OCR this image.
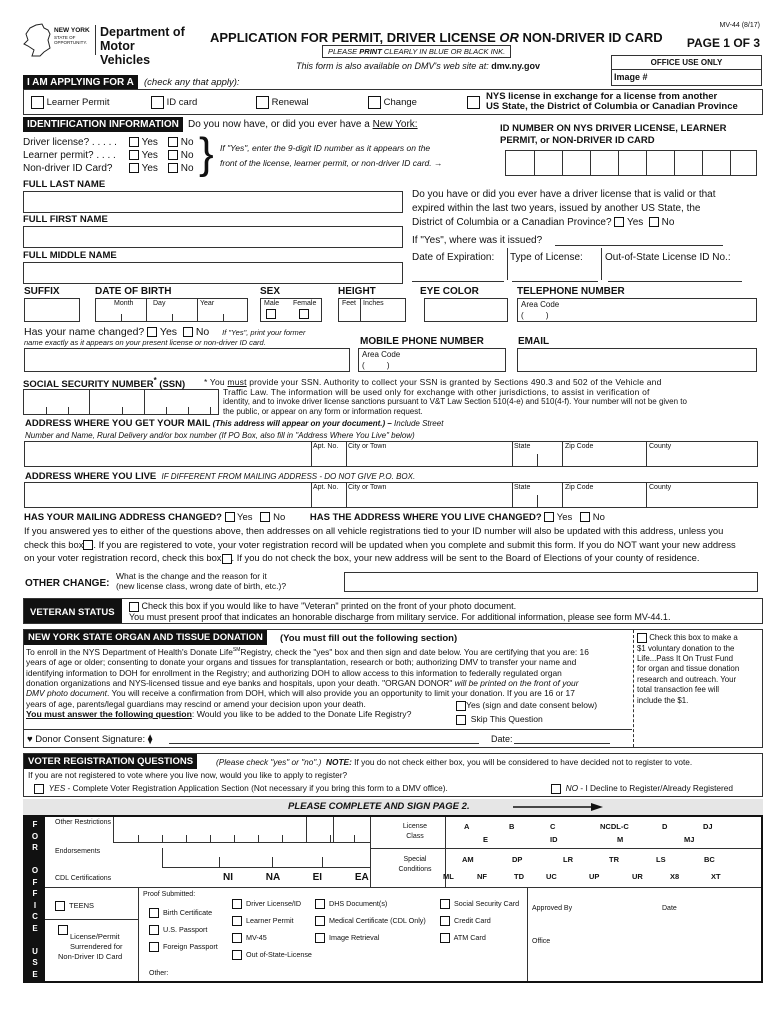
NEW YORK
STATE OF
OPPORTUNITY.
Department of
Motor Vehicles
MV-44 (8/17)
APPLICATION FOR PERMIT, DRIVER LICENSE OR NON-DRIVER ID CARD PAGE 1 OF 3
PLEASE PRINT CLEARLY IN BLUE OR BLACK INK.
This form is also available on DMV's web site at: dmv.ny.gov	OFFICE USE ONLY
Image #
I AM APPLYING FOR A	(check any that apply):
Learner Permit	ID card	Renewal	Change
NYS license in exchange for a license from another
US State, the District of Columbia or Canadian Province
IDENTIFICATION INFORMATION Do you now have, or did you ever have a New York:
Driver license? . . . . .	Yes	No
Learner permit? . . . .	Yes	No
Non-driver ID Card?	Yes	No } If "Yes", enter the 9-digit ID number as it appears on the
front of the license, learner permit, or non-driver ID card. →
ID NUMBER ON NYS DRIVER LICENSE, LEARNER
PERMIT, or NON-DRIVER ID CARD
FULL LAST NAME
FULL FIRST NAME
FULL MIDDLE NAME
Do you have or did you ever have a driver license that is valid or that
expired within the last two years, issued by another US State, the
District of Columbia or a Canadian Province? Yes No
If "Yes", where was it issued?
Date of Expiration: Type of License: Out-of-State License ID No.:
SUFFIX	DATE OF BIRTH
Month	Day	Year
SEX
Male Female
HEIGHT
Feet Inches
EYE COLOR	TELEPHONE NUMBER
Area Code
(          )
Has your name changed? Yes No If "Yes", print your former
name exactly as it appears on your present license or non-driver ID card.	MOBILE PHONE NUMBER
Area Code
(          )
EMAIL
SOCIAL SECURITY NUMBER* (SSN)	* You must provide your SSN. Authority to collect your SSN is granted by Sections 490.3 and 502 of the Vehicle and
Traffic Law. The information will be used only for exchange with other jurisdictions, to assist in verification of
identity, and to invoke driver license sanctions pursuant to V&T Law Section 510(4-e) and 510(4-f). Your number will not be given to
the public, or appear on any form or information request.
ADDRESS WHERE YOU GET YOUR MAIL (This address will appear on your document.) – Include Street
Number and Name, Rural Delivery and/or box number (If PO Box, also fill in "Address Where You Live" below)
Apt. No. City or Town	State	Zip Code	County
ADDRESS WHERE YOU LIVE IF DIFFERENT FROM MAILING ADDRESS - DO NOT GIVE P.O. BOX.
Apt. No. City or Town	State	Zip Code	County
HAS YOUR MAILING ADDRESS CHANGED? Yes No	HAS THE ADDRESS WHERE YOU LIVE CHANGED? Yes No
If you answered yes to either of the questions above, then addresses on all vehicle registrations tied to your ID number will also be updated with this address, unless you
check this box . If you are registered to vote, your voter registration record will be updated when you complete and submit this form. If you do NOT want your new address
on your voter registration record, check this box . If you do not check the box, your new address will be sent to the Board of Elections of your county of residence.
OTHER CHANGE:
What is the change and the reason for it
(new license class, wrong date of birth, etc.)?
VETERAN STATUS
Check this box if you would like to have "Veteran" printed on the front of your photo document.
You must present proof that indicates an honorable discharge from military service. For additional information, please see form MV-44.1.
NEW YORK STATE ORGAN AND TISSUE DONATION	(You must fill out the following section)
To enroll in the NYS Department of Health's Donate Life℠Registry, check the "yes" box and then sign and date below. You are certifying that you are: 16
years of age or older; consenting to donate your organs and tissues for transplantation, research or both; authorizing DMV to transfer your name and
identifying information to DOH for enrollment in the Registry; and authorizing DOH to allow access to this information to federally regulated organ
donation organizations and NYS-licensed tissue and eye banks and hospitals, upon your death. "ORGAN DONOR" will be printed on the front of your
DMV photo document. You will receive a confirmation from DOH, which will also provide you an opportunity to limit your donation. If you are 16 or 17
years of age, parents/legal guardians may rescind or amend your decision upon your death.
You must answer the following question: Would you like to be added to the Donate Life Registry?
Yes (sign and date consent below)
Skip This Question
♥ Donor Consent Signature: ⧫	Date:
Check this box to make a
$1 voluntary donation to the
Life...Pass It On Trust Fund
for organ and tissue donation
research and outreach. Your
total transaction fee will
include the $1.
VOTER REGISTRATION QUESTIONS	(Please check "yes" or "no".) NOTE: If you do not check either box, you will be considered to have decided not to register to vote.
If you are not registered to vote where you live now, would you like to apply to register?
YES - Complete Voter Registration Application Section (Not necessary if you bring this form to a DMV office).	NO - I Decline to Register/Already Registered
PLEASE COMPLETE AND SIGN PAGE 2.
F
O
R

O
F
F
I
C
E

U
S
E
Other Restrictions
Endorsements
CDL Certifications	NI	NA	EI	EA
License Class
Special Conditions
A	B	C	NCDL-C	D	DJ
E	ID	M	MJ
AM	DP	LR	TR	LS	BC
ML	NF	TD	UC	UP	UR	X8	XT
TEENS
License/Permit
Surrendered for
Non-Driver ID Card
Proof Submitted:
Birth Certificate
U.S. Passport
Foreign Passport
Other:
Driver License/ID
Learner Permit
MV-45
Out of-State-License
DHS Document(s)
Medical Certificate (CDL Only)
Image Retrieval
Social Security Card
Credit Card
ATM Card
Approved By	Date
Office
